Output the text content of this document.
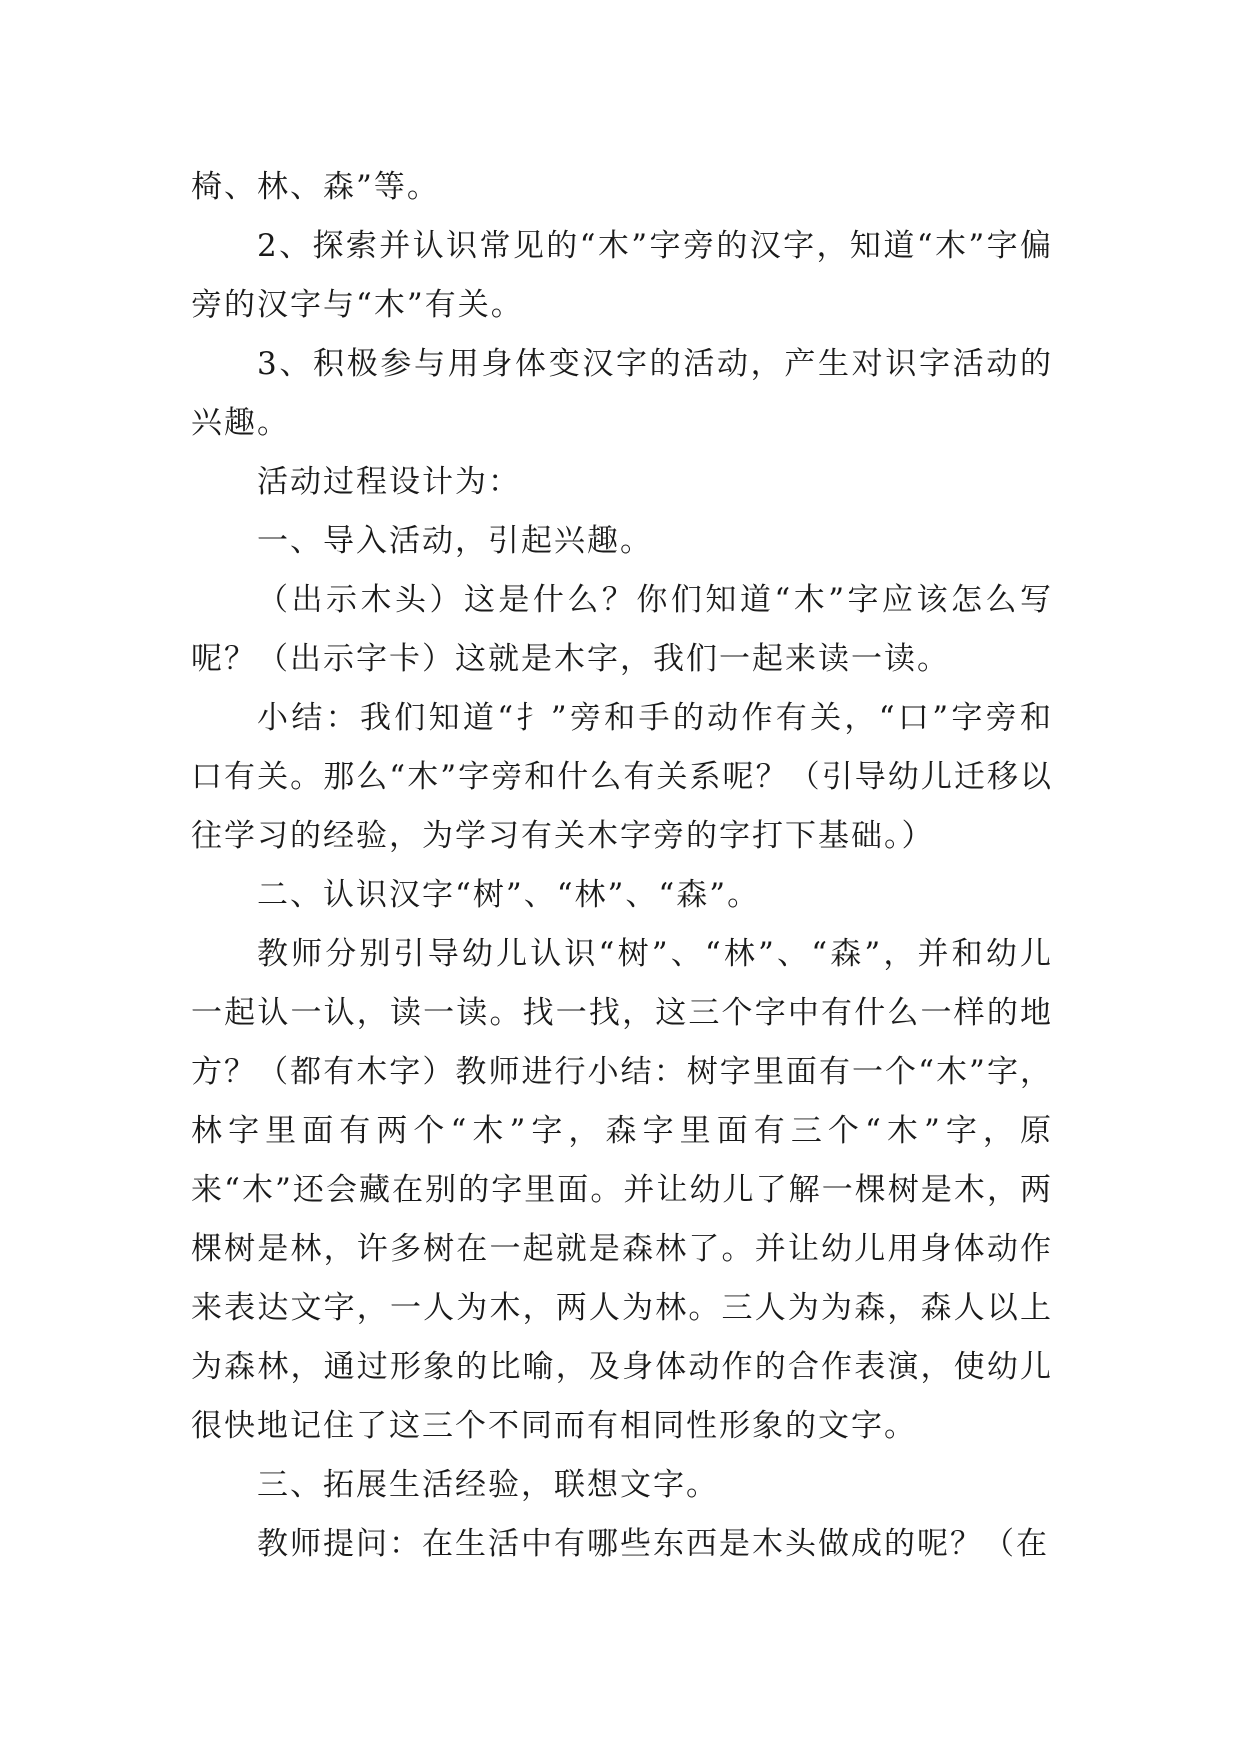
椅、林、森”等。

2、探索并认识常见的“木”字旁的汉字，知道“木”字偏旁的汉字与“木”有关。

3、积极参与用身体变汉字的活动，产生对识字活动的兴趣。

活动过程设计为：

一、导入活动，引起兴趣。

（出示木头）这是什么？你们知道“木”字应该怎么写呢？（出示字卡）这就是木字，我们一起来读一读。

小结：我们知道“扌”旁和手的动作有关，“口”字旁和口有关。那么“木”字旁和什么有关系呢？（引导幼儿迁移以往学习的经验，为学习有关木字旁的字打下基础。）

二、认识汉字“树”、“林”、“森”。

教师分别引导幼儿认识“树”、“林”、“森”，并和幼儿一起认一认，读一读。找一找，这三个字中有什么一样的地方？（都有木字）教师进行小结：树字里面有一个“木”字，林字里面有两个“木”字，森字里面有三个“木”字，原来“木”还会藏在别的字里面。并让幼儿了解一棵树是木，两棵树是林，许多树在一起就是森林了。并让幼儿用身体动作来表达文字，一人为木，两人为林。三人为为森，森人以上为森林，通过形象的比喻，及身体动作的合作表演，使幼儿很快地记住了这三个不同而有相同性形象的文字。

三、拓展生活经验，联想文字。

教师提问：在生活中有哪些东西是木头做成的呢？（在
